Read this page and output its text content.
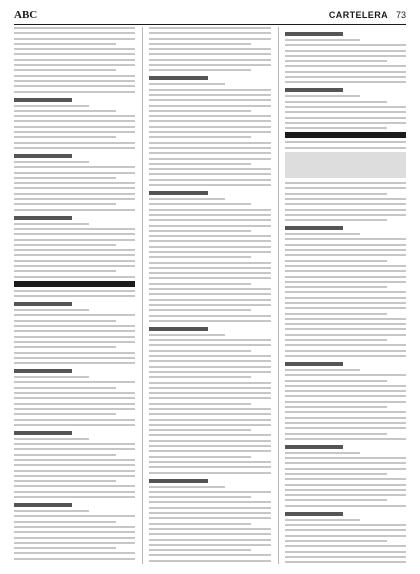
ABC	CARTELERA 73
